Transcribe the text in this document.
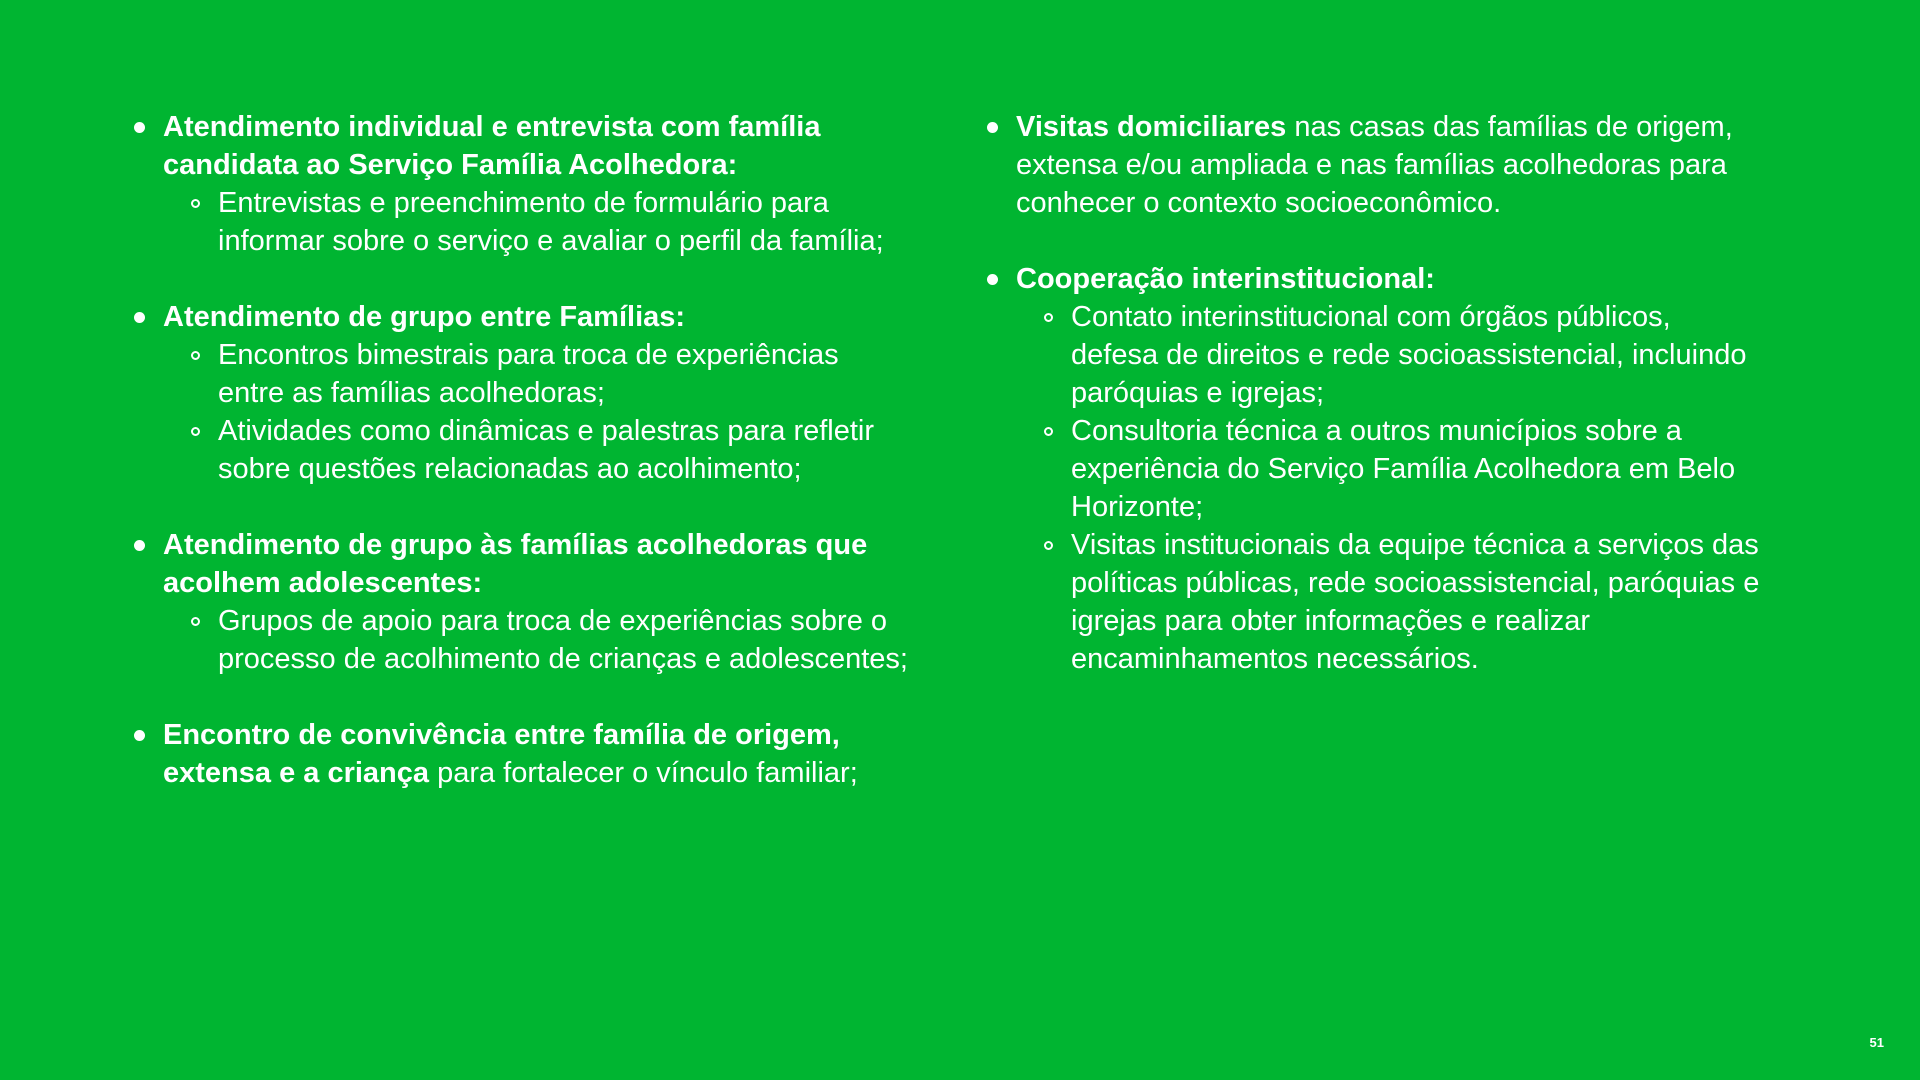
Atendimento individual e entrevista com família candidata ao Serviço Família Acolhedora:

Entrevistas e preenchimento de formulário para informar sobre o serviço e avaliar o perfil da família;

Atendimento de grupo entre Famílias:

Encontros bimestrais para troca de experiências entre as famílias acolhedoras;
Atividades como dinâmicas e palestras para refletir sobre questões relacionadas ao acolhimento;

Atendimento de grupo às famílias acolhedoras que acolhem adolescentes:

Grupos de apoio para troca de experiências sobre o processo de acolhimento de crianças e adolescentes;

Encontro de convivência entre família de origem, extensa e a criança para fortalecer o vínculo familiar;

Visitas domiciliares nas casas das famílias de origem, extensa e/ou ampliada e nas famílias acolhedoras para conhecer o contexto socioeconômico.

Cooperação interinstitucional:

Contato interinstitucional com órgãos públicos, defesa de direitos e rede socioassistencial, incluindo paróquias e igrejas;
Consultoria técnica a outros municípios sobre a experiência do Serviço Família Acolhedora em Belo Horizonte;
Visitas institucionais da equipe técnica a serviços das políticas públicas, rede socioassistencial, paróquias e igrejas para obter informações e realizar encaminhamentos necessários.
51
